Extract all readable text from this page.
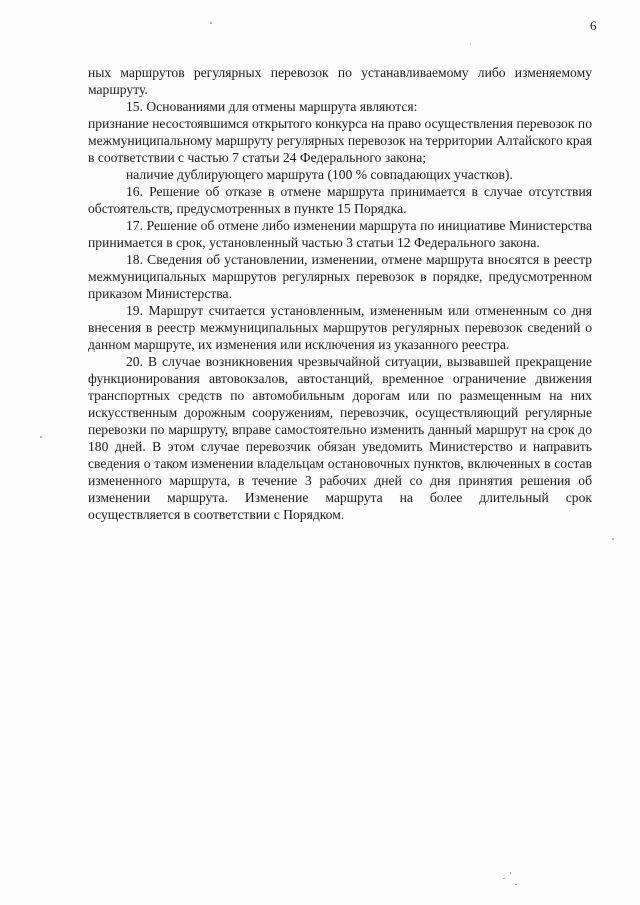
6

ных маршрутов регулярных перевозок по устанавливаемому либо изменяемому маршруту.

15. Основаниями для отмены маршрута являются:

признание несостоявшимся открытого конкурса на право осуществления перевозок по межмуниципальному маршруту регулярных перевозок на территории Алтайского края в соответствии с частью 7 статьи 24 Федерального закона;

наличие дублирующего маршрута (100 % совпадающих участков).

16. Решение об отказе в отмене маршрута принимается в случае отсутствия обстоятельств, предусмотренных в пункте 15 Порядка.

17. Решение об отмене либо изменении маршрута по инициативе Министерства принимается в срок, установленный частью 3 статьи 12 Федерального закона.

18. Сведения об установлении, изменении, отмене маршрута вносятся в реестр межмуниципальных маршрутов регулярных перевозок в порядке, предусмотренном приказом Министерства.

19. Маршрут считается установленным, измененным или отмененным со дня внесения в реестр межмуниципальных маршрутов регулярных перевозок сведений о данном маршруте, их изменения или исключения из указанного реестра.

20. В случае возникновения чрезвычайной ситуации, вызвавшей прекращение функционирования автовокзалов, автостанций, временное ограничение движения транспортных средств по автомобильным дорогам или по размещенным на них искусственным дорожным сооружениям, перевозчик, осуществляющий регулярные перевозки по маршруту, вправе самостоятельно изменить данный маршрут на срок до 180 дней. В этом случае перевозчик обязан уведомить Министерство и направить сведения о таком изменении владельцам остановочных пунктов, включенных в состав измененного маршрута, в течение 3 рабочих дней со дня принятия решения об изменении маршрута. Изменение маршрута на более длительный срок осуществляется в соответствии с Порядком.
